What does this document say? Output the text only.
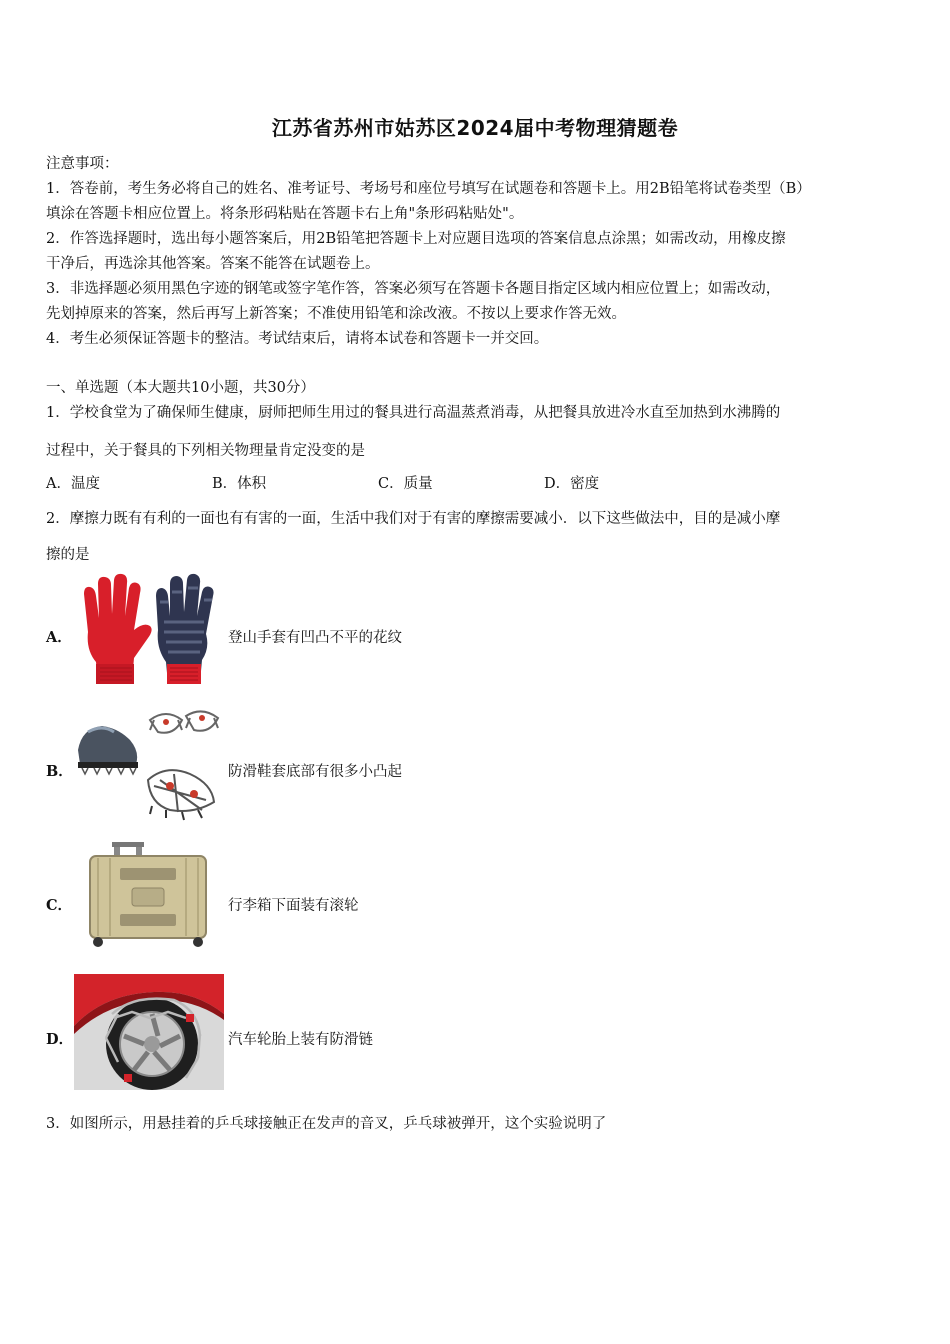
江苏省苏州市姑苏区2024届中考物理猜题卷
注意事项：
1．答卷前，考生务必将自己的姓名、准考证号、考场号和座位号填写在试题卷和答题卡上。用2B铅笔将试卷类型（B）
填涂在答题卡相应位置上。将条形码粘贴在答题卡右上角"条形码粘贴处"。
2．作答选择题时，选出每小题答案后，用2B铅笔把答题卡上对应题目选项的答案信息点涂黑；如需改动，用橡皮擦
干净后，再选涂其他答案。答案不能答在试题卷上。
3．非选择题必须用黑色字迹的钢笔或签字笔作答，答案必须写在答题卡各题目指定区域内相应位置上；如需改动，
先划掉原来的答案，然后再写上新答案；不准使用铅笔和涂改液。不按以上要求作答无效。
4．考生必须保证答题卡的整洁。考试结束后，请将本试卷和答题卡一并交回。
一、单选题（本大题共10小题，共30分）
1．学校食堂为了确保师生健康，厨师把师生用过的餐具进行高温蒸煮消毒，从把餐具放进冷水直至加热到水沸腾的
过程中，关于餐具的下列相关物理量肯定没变的是
A．温度	B．体积	C．质量	D．密度
2．摩擦力既有有利的一面也有有害的一面，生活中我们对于有害的摩擦需要减小．以下这些做法中，目的是减小摩
擦的是
A．	登山手套有凹凸不平的花纹
B．	防滑鞋套底部有很多小凸起
C．	行李箱下面装有滚轮
D．	汽车轮胎上装有防滑链
3．如图所示，用悬挂着的乒乓球接触正在发声的音叉，乒乓球被弹开，这个实验说明了
